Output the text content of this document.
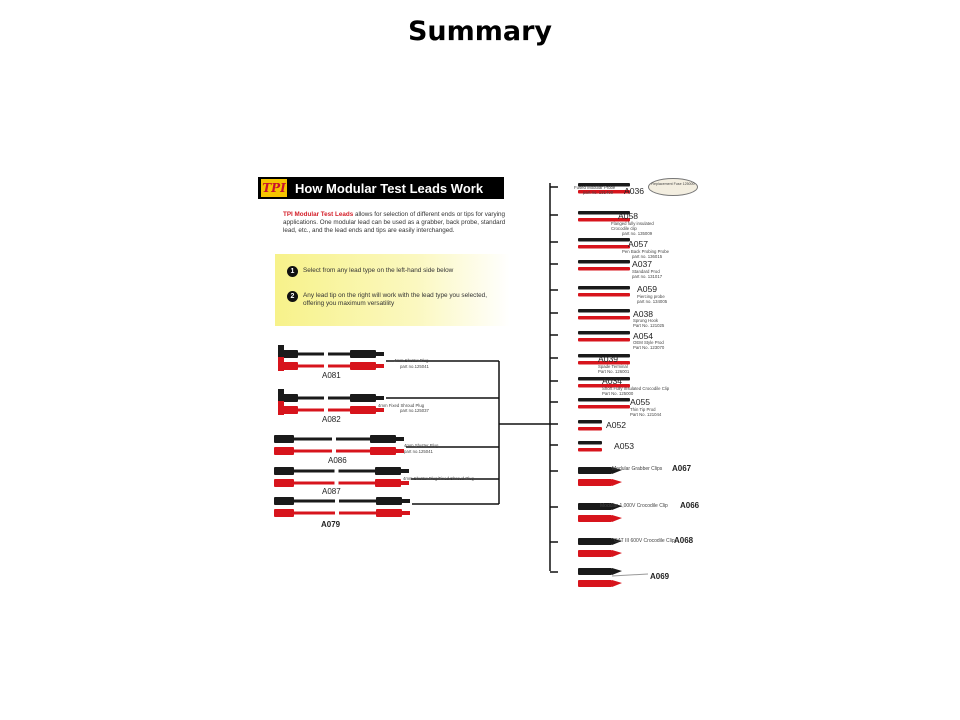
Summary
TPI How Modular Test Leads Work
TPI Modular Test Leads allows for selection of different ends or tips for varying applications. One modular lead can be used as a grabber, back probe, standard lead, etc., and the lead ends and tips are easily interchanged.
1	Select from any lead type on the left-hand side below
2	Any lead tip on the right will work with the lead type you selected, offering you maximum versatility
Replacement Fuse 125000
A081
4mm Shutter Plug
part no.125041
A082
4mm Fixed Shroud Plug
part no.125037
A086
4mm Shutter Plug
part no.125041
A087
4mm Shutter Plug/Fixed Shroud Plug
A079
A036
Fused Modular Probe
part no. 131400
A058
Flanged fully insulated Crocodile clip
part no. 135009
A057
Pen Back Probing Probe
part no. 136015
A037
Standard Prod
part no. 131017
A059
Piercing probe
part no. 134005
A038
Sprung Hook
Part No. 121025
A054
OEM Style Prod
Part No. 123070
A039
Spade Terminal
Part No. 126001
A034
Short Fully Insulated Crocodile Clip
Part No. 125000
A055
Thin Tip Prod
Part No. 121044
A052
A053
Modular Grabber Clips A067
Modular 1,000V Crocodile Clip A066
CAT III 600V Crocodile Clip A068
A069
